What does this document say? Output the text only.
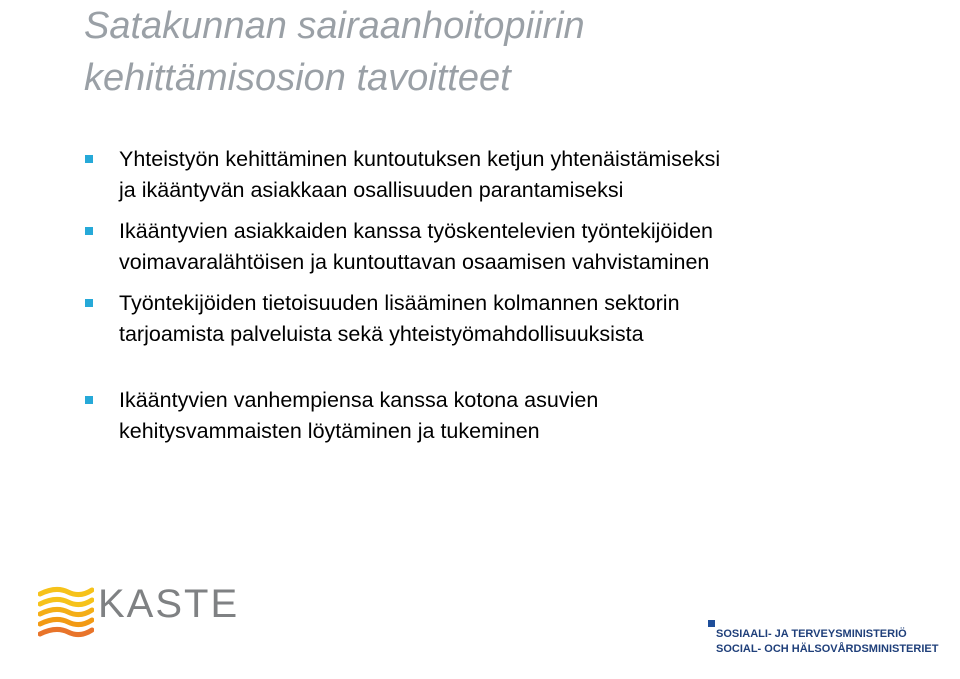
Satakunnan sairaanhoitopiirin
kehittämisosion tavoitteet
Yhteistyön kehittäminen kuntoutuksen ketjun yhtenäistämiseksi
ja ikääntyvän asiakkaan osallisuuden parantamiseksi
Ikääntyvien asiakkaiden kanssa työskentelevien työntekijöiden
voimavaralähtöisen ja kuntouttavan osaamisen vahvistaminen
Työntekijöiden tietoisuuden lisääminen kolmannen sektorin
tarjoamista palveluista sekä yhteistyömahdollisuuksista
Ikääntyvien vanhempiensa kanssa kotona asuvien
kehitysvammaisten löytäminen ja tukeminen
KASTE
SOSIAALI- JA TERVEYSMINISTERIÖ
SOCIAL- OCH HÄLSOVÅRDSMINISTERIET
